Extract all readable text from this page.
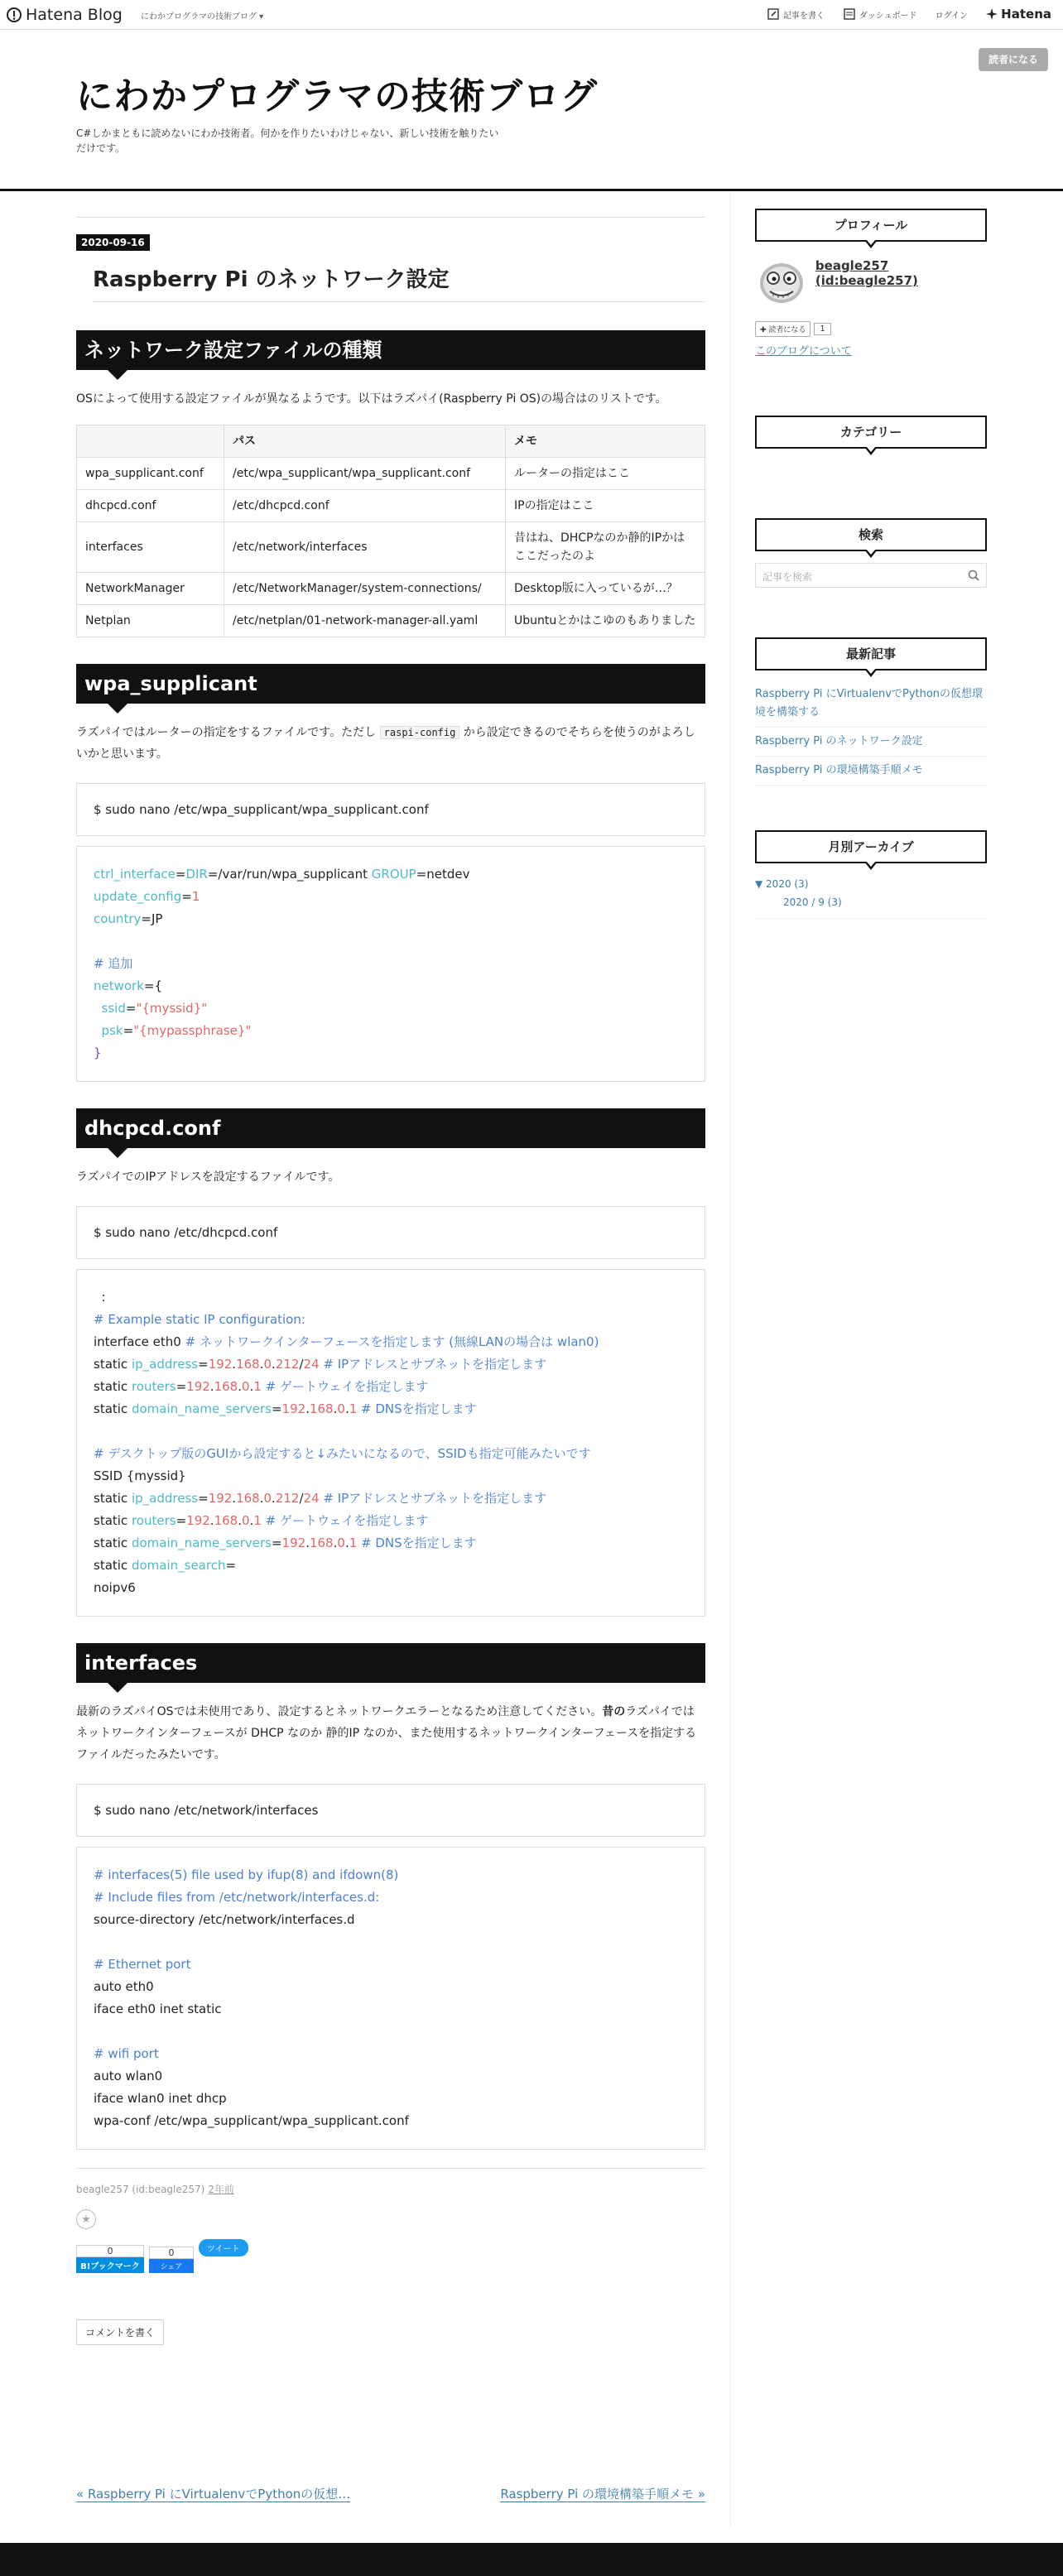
Hatena Blog にわかプログラマの技術ブログ ▾	記事を書く	ダッシュボード ログイン	Hatena
にわかプログラマの技術ブログ
C#しかまともに読めないにわか技術者。何かを作りたいわけじゃない、新しい技術を触りたいだけです。
読者になる
2020-09-16
Raspberry Pi のネットワーク設定
ネットワーク設定ファイルの種類

OSによって使用する設定ファイルが異なるようです。以下はラズパイ(Raspberry Pi OS)の場合はのリストです。

	パス	メモ
wpa_supplicant.conf	/etc/wpa_supplicant/wpa_supplicant.conf	ルーターの指定はここ
dhcpcd.conf	/etc/dhcpcd.conf	IPの指定はここ
interfaces	/etc/network/interfaces	昔はね、DHCPなのか静的IPかはここだったのよ
NetworkManager	/etc/NetworkManager/system-connections/	Desktop版に入っているが…？
Netplan	/etc/netplan/01-network-manager-all.yaml	Ubuntuとかはこゆのもありました
wpa_supplicant

ラズパイではルーターの指定をするファイルです。ただし raspi-config から設定できるのでそちらを使うのがよろしいかと思います。

$ sudo nano /etc/wpa_supplicant/wpa_supplicant.conf
ctrl_interface=DIR=/var/run/wpa_supplicant GROUP=netdev
update_config=1
country=JP

# 追加
network={
ssid="{myssid}"
psk="{mypassphrase}"
}
dhcpcd.conf

ラズパイでのIPアドレスを設定するファイルです。

$ sudo nano /etc/dhcpcd.conf
:
# Example static IP configuration:
interface eth0 # ネットワークインターフェースを指定します (無線LANの場合は wlan0)
static ip_address=192.168.0.212/24 # IPアドレスとサブネットを指定します
static routers=192.168.0.1 # ゲートウェイを指定します
static domain_name_servers=192.168.0.1 # DNSを指定します

# デスクトップ版のGUIから設定すると↓みたいになるので、SSIDも指定可能みたいです
SSID {myssid}
static ip_address=192.168.0.212/24 # IPアドレスとサブネットを指定します
static routers=192.168.0.1 # ゲートウェイを指定します
static domain_name_servers=192.168.0.1 # DNSを指定します
static domain_search=
noipv6
interfaces

最新のラズパイOSでは未使用であり、設定するとネットワークエラーとなるため注意してください。昔のラズパイではネットワークインターフェースが DHCP なのか 静的IP なのか、また使用するネットワークインターフェースを指定するファイルだったみたいです。

$ sudo nano /etc/network/interfaces
# interfaces(5) file used by ifup(8) and ifdown(8)
# Include files from /etc/network/interfaces.d:
source-directory /etc/network/interfaces.d

# Ethernet port
auto eth0
iface eth0 inet static

# wifi port
auto wlan0
iface wlan0 inet dhcp
wpa-conf /etc/wpa_supplicant/wpa_supplicant.conf
beagle257 (id:beagle257) 2年前
★
0
B!ブックマーク
0
シェア
ツイート
コメントを書く
« Raspberry Pi にVirtualenvでPythonの仮想…	Raspberry Pi の環境構築手順メモ »
プロフィール
beagle257 (id:beagle257)
✚ 読者になる	1
このブログについて
カテゴリー
検索
記事を検索
最新記事
Raspberry Pi にVirtualenvでPythonの仮想環境を構築する
Raspberry Pi のネットワーク設定
Raspberry Pi の環境構築手順メモ
月別アーカイブ
▼ 2020 (3)
2020 / 9 (3)
